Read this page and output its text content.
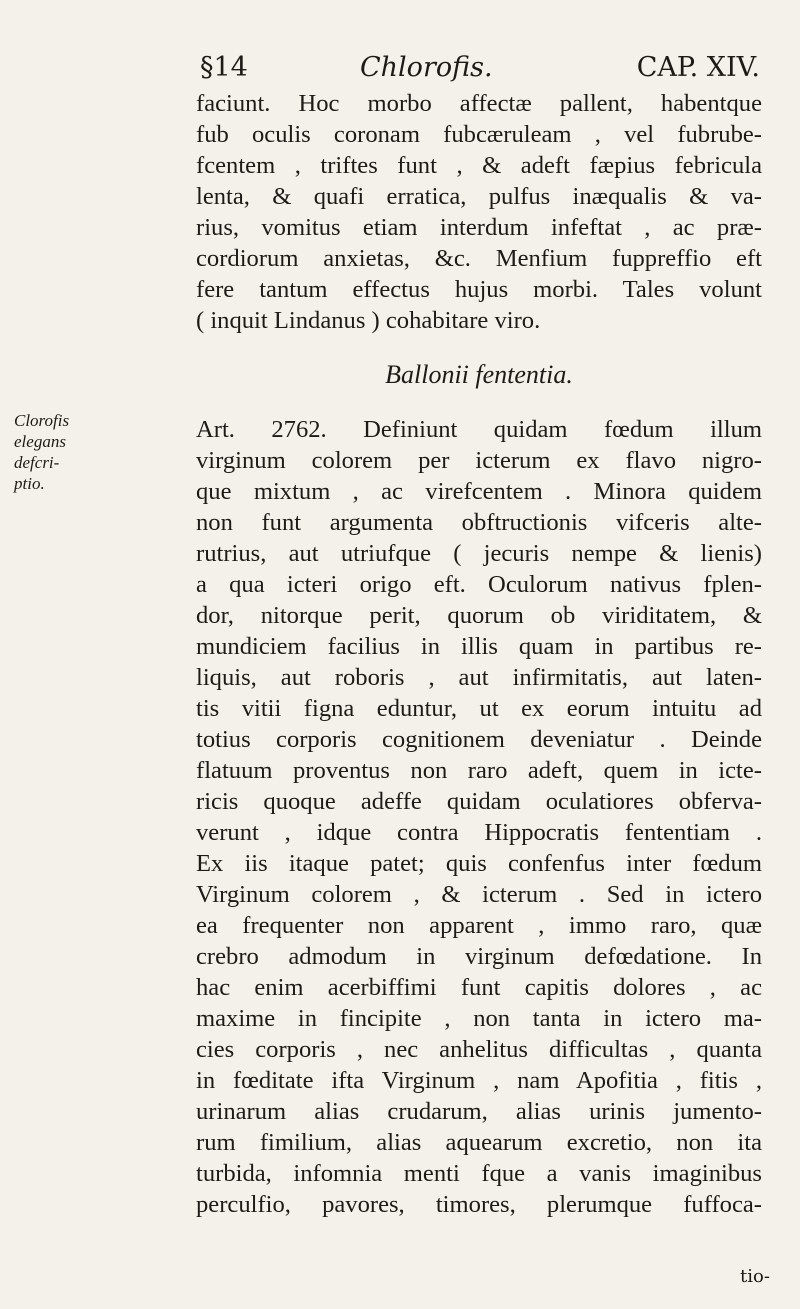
§14	Chlorofis.	CAP. XIV.
Clorofis
elegans
defcri-
ptio.
faciunt. Hoc morbo affectæ pallent, habentque
fub oculis coronam fubcæruleam , vel fubrube-
fcentem , triftes funt , & adeft fæpius febricula
lenta, & quafi erratica, pulfus inæqualis & va-
rius, vomitus etiam interdum infeftat , ac præ-
cordiorum anxietas, &c. Menfium fuppreffio eft
fere tantum effectus hujus morbi. Tales volunt
( inquit Lindanus ) cohabitare viro.
Ballonii fententia.
Art. 2762. Definiunt quidam fœdum illum
virginum colorem per icterum ex flavo nigro-
que mixtum , ac virefcentem . Minora quidem
non funt argumenta obftructionis vifceris alte-
rutrius, aut utriufque ( jecuris nempe & lienis)
a qua icteri origo eft. Oculorum nativus fplen-
dor, nitorque perit, quorum ob viriditatem, &
mundiciem facilius in illis quam in partibus re-
liquis, aut roboris , aut infirmitatis, aut laten-
tis vitii figna eduntur, ut ex eorum intuitu ad
totius corporis cognitionem deveniatur . Deinde
flatuum proventus non raro adeft, quem in icte-
ricis quoque adeffe quidam oculatiores obferva-
verunt , idque contra Hippocratis fententiam .
Ex iis itaque patet; quis confenfus inter fœdum
Virginum colorem , & icterum . Sed in ictero
ea frequenter non apparent , immo raro, quæ
crebro admodum in virginum defœdatione. In
hac enim acerbiffimi funt capitis dolores , ac
maxime in fincipite , non tanta in ictero ma-
cies corporis , nec anhelitus difficultas , quanta
in fœditate ifta Virginum , nam Apofitia , fitis ,
urinarum alias crudarum, alias urinis jumento-
rum fimilium, alias aquearum excretio, non ita
turbida, infomnia menti fque a vanis imaginibus
perculfio, pavores, timores, plerumque fuffoca-
tio-
